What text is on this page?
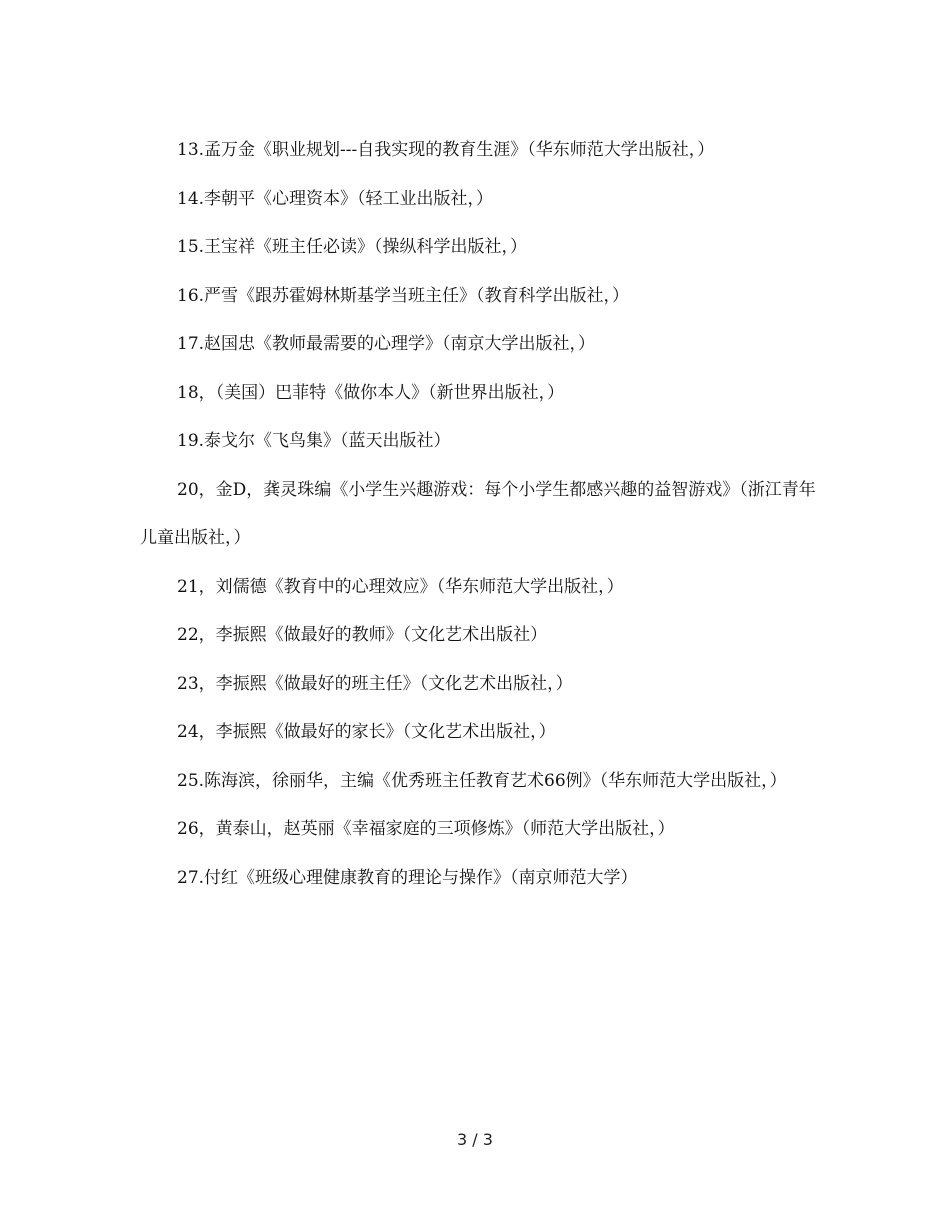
13.孟万金《职业规划---自我实现的教育生涯》（华东师范大学出版社，）

14.李朝平《心理资本》（轻工业出版社，）

15.王宝祥《班主任必读》（操纵科学出版社，）

16.严雪《跟苏霍姆林斯基学当班主任》（教育科学出版社，）

17.赵国忠《教师最需要的心理学》（南京大学出版社，）

18，（美国）巴菲特《做你本人》（新世界出版社，）

19.泰戈尔《飞鸟集》（蓝天出版社）

20，金D，龚灵珠编《小学生兴趣游戏：每个小学生都感兴趣的益智游戏》（浙江青年儿童出版社，）

21，刘儒德《教育中的心理效应》（华东师范大学出版社，）

22，李振熙《做最好的教师》（文化艺术出版社）

23，李振熙《做最好的班主任》（文化艺术出版社，）

24，李振熙《做最好的家长》（文化艺术出版社，）

25.陈海滨，徐丽华，主编《优秀班主任教育艺术66例》（华东师范大学出版社，）

26，黄泰山，赵英丽《幸福家庭的三项修炼》（师范大学出版社，）

27.付红《班级心理健康教育的理论与操作》（南京师范大学）

3 / 3
